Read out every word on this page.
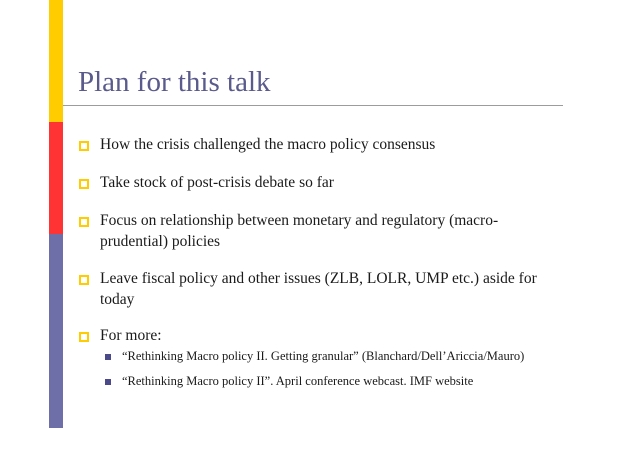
Plan for this talk
How the crisis challenged the macro policy consensus
Take stock of post-crisis debate so far
Focus on relationship between monetary and regulatory (macro-prudential) policies
Leave fiscal policy and other issues (ZLB, LOLR, UMP etc.) aside for today
For more:
“Rethinking Macro policy II. Getting granular” (Blanchard/Dell’Ariccia/Mauro)
“Rethinking Macro policy II”. April conference webcast. IMF website
